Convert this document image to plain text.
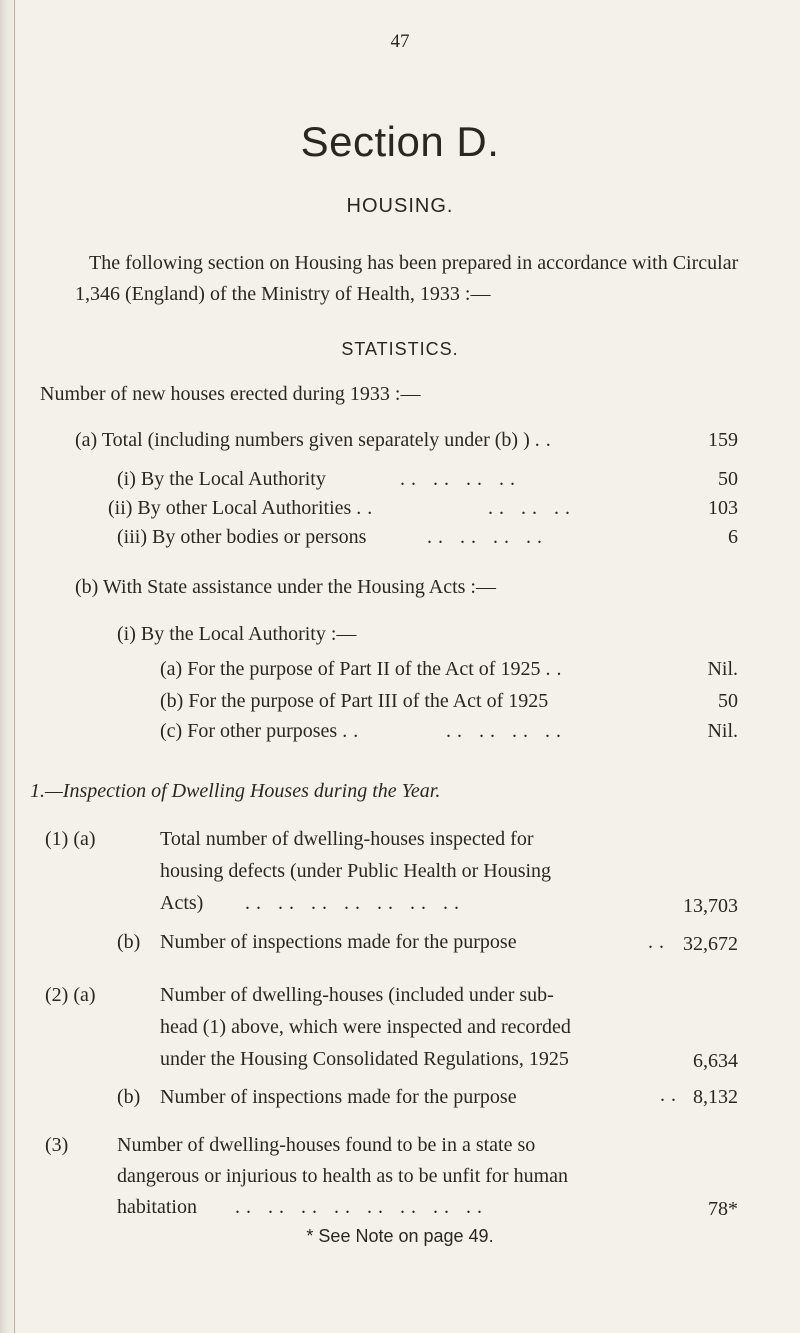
47
Section D.
HOUSING.

The following section on Housing has been prepared in accordance with Circular 1,346 (England) of the Ministry of Health, 1933 :—

STATISTICS.
Number of new houses erected during 1933 :—
(a) Total (including numbers given separately under (b) ) ..	159
(i) By the Local Authority	.. .. .. ..	50
(ii) By other Local Authorities ..	.. .. ..	103
(iii) By other bodies or persons	.. .. .. ..	6
(b) With State assistance under the Housing Acts :—
(i) By the Local Authority :—
(a) For the purpose of Part II of the Act of 1925 ..	Nil.
(b) For the purpose of Part III of the Act of 1925	50
(c) For other purposes ..	.. .. .. ..	Nil.
1.—Inspection of Dwelling Houses during the Year.
(1) (a)	Total number of dwelling-houses inspected for
housing defects (under Public Health or Housing
Acts) .. .. .. .. .. .. ..	13,703
(b) Number of inspections made for the purpose	.. 32,672
(2) (a)	Number of dwelling-houses (included under sub-
head (1) above, which were inspected and recorded
under the Housing Consolidated Regulations, 1925	6,634
(b) Number of inspections made for the purpose	.. 8,132
(3) Number of dwelling-houses found to be in a state so
dangerous or injurious to health as to be unfit for human
habitation .. .. .. .. .. .. .. ..	78*
* See Note on page 49.
